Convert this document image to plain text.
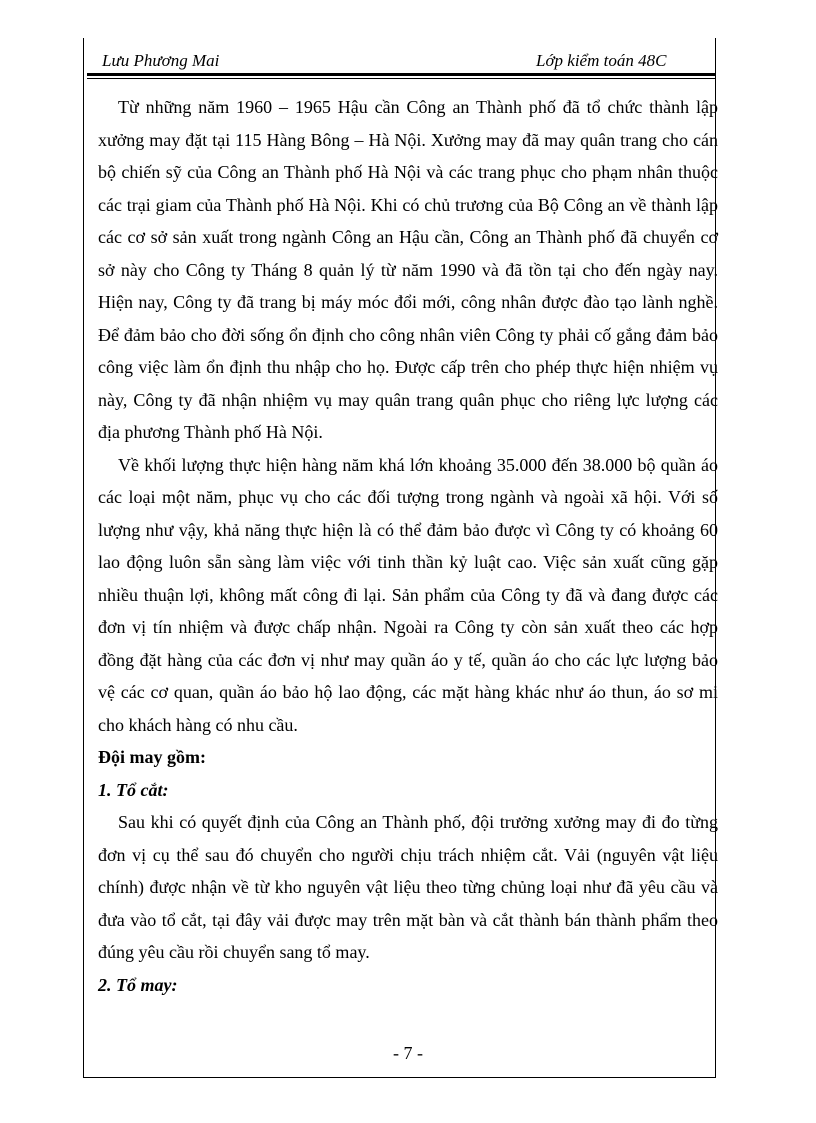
Lưu Phương Mai	Lớp kiểm toán 48C

Từ những năm 1960 – 1965 Hậu cần Công an Thành phố đã tổ chức thành lập xưởng may đặt tại 115 Hàng Bông – Hà Nội. Xưởng may đã may quân trang cho cán bộ chiến sỹ của Công an Thành phố Hà Nội và các trang phục cho phạm nhân thuộc các trại giam của Thành phố Hà Nội. Khi có chủ trương của Bộ Công an về thành lập các cơ sở sản xuất trong ngành Công an Hậu cần, Công an Thành phố đã chuyển cơ sở này cho Công ty Tháng 8 quản lý từ năm 1990 và đã tồn tại cho đến ngày nay. Hiện nay, Công ty đã trang bị máy móc đổi mới, công nhân được đào tạo lành nghề. Để đảm bảo cho đời sống ổn định cho công nhân viên Công ty phải cố gắng đảm bảo công việc làm ổn định thu nhập cho họ. Được cấp trên cho phép thực hiện nhiệm vụ này, Công ty đã nhận nhiệm vụ may quân trang quân phục cho riêng lực lượng các địa phương Thành phố Hà Nội.

Về khối lượng thực hiện hàng năm khá lớn khoảng 35.000 đến 38.000 bộ quần áo các loại một năm, phục vụ cho các đối tượng trong ngành và ngoài xã hội. Với số lượng như vậy, khả năng thực hiện là có thể đảm bảo được vì Công ty có khoảng 60 lao động luôn sẵn sàng làm việc với tinh thần kỷ luật cao. Việc sản xuất cũng gặp nhiều thuận lợi, không mất công đi lại. Sản phẩm của Công ty đã và đang được các đơn vị tín nhiệm và được chấp nhận. Ngoài ra Công ty còn sản xuất theo các hợp đồng đặt hàng của các đơn vị như may quần áo y tế, quần áo cho các lực lượng bảo vệ các cơ quan, quần áo bảo hộ lao động, các mặt hàng khác như áo thun, áo sơ mi cho khách hàng có nhu cầu.

Đội may gồm:

1. Tổ cắt:

Sau khi có quyết định của Công an Thành phố, đội trưởng xưởng may đi đo từng đơn vị cụ thể sau đó chuyển cho người chịu trách nhiệm cắt. Vải (nguyên vật liệu chính) được nhận về từ kho nguyên vật liệu theo từng chủng loại như đã yêu cầu và đưa vào tổ cắt, tại đây vải được may trên mặt bàn và cắt thành bán thành phẩm theo đúng yêu cầu rồi chuyển sang tổ may.

2. Tổ may:

- 7 -
